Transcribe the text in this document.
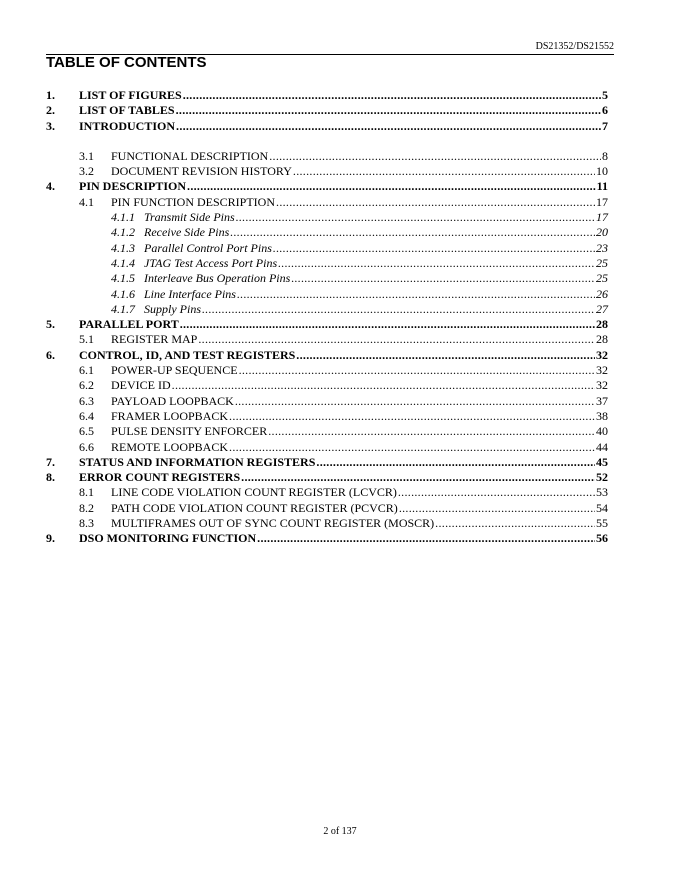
DS21352/DS21552
TABLE OF CONTENTS
1. LIST OF FIGURES .....	5
2. LIST OF TABLES .....	6
3. INTRODUCTION .....	7
3.1 FUNCTIONAL DESCRIPTION .....	8
3.2 DOCUMENT REVISION HISTORY .....	10
4. PIN DESCRIPTION .....	11
4.1 PIN FUNCTION DESCRIPTION .....	17
4.1.1 Transmit Side Pins .....	17
4.1.2 Receive Side Pins .....	20
4.1.3 Parallel Control Port Pins .....	23
4.1.4 JTAG Test Access Port Pins .....	25
4.1.5 Interleave Bus Operation Pins .....	25
4.1.6 Line Interface Pins .....	26
4.1.7 Supply Pins .....	27
5. PARALLEL PORT .....	28
5.1 REGISTER MAP .....	28
6. CONTROL, ID, AND TEST REGISTERS .....	32
6.1 POWER-UP SEQUENCE .....	32
6.2 DEVICE ID .....	32
6.3 PAYLOAD LOOPBACK .....	37
6.4 FRAMER LOOPBACK .....	38
6.5 PULSE DENSITY ENFORCER .....	40
6.6 REMOTE LOOPBACK .....	44
7. STATUS AND INFORMATION REGISTERS .....	45
8. ERROR COUNT REGISTERS .....	52
8.1 LINE CODE VIOLATION COUNT REGISTER (LCVCR) .....	53
8.2 PATH CODE VIOLATION COUNT REGISTER (PCVCR) .....	54
8.3 MULTIFRAMES OUT OF SYNC COUNT REGISTER (MOSCR) .....	55
9. DSO MONITORING FUNCTION .....	56
2 of 137
